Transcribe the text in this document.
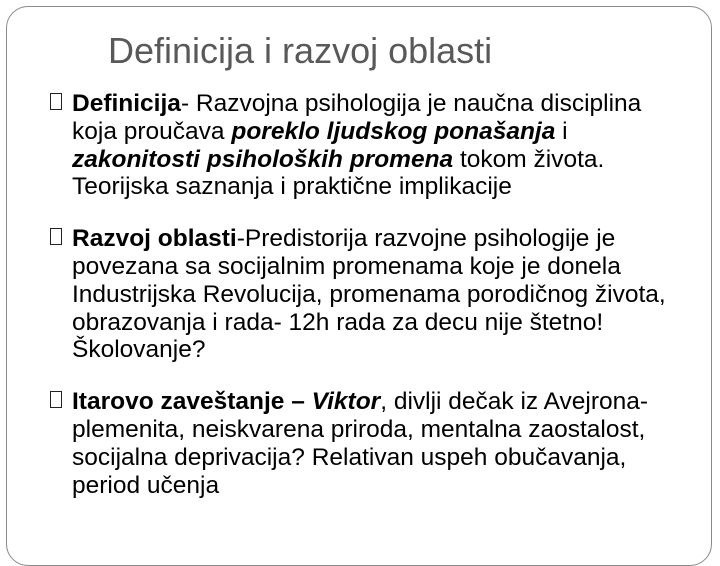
Definicija i razvoj oblasti

Definicija- Razvojna psihologija je naučna disciplina koja proučava poreklo ljudskog ponašanja i zakonitosti psiholoških promena tokom života. Teorijska saznanja i praktične implikacije

Razvoj oblasti-Predistorija razvojne psihologije je povezana sa socijalnim promenama koje je donela Industrijska Revolucija, promenama porodičnog života, obrazovanja i rada- 12h rada za decu nije štetno! Školovanje?

Itarovo zaveštanje – Viktor, divlji dečak iz Avejrona- plemenita, neiskvarena priroda, mentalna zaostalost, socijalna deprivacija? Relativan uspeh obučavanja, period učenja
